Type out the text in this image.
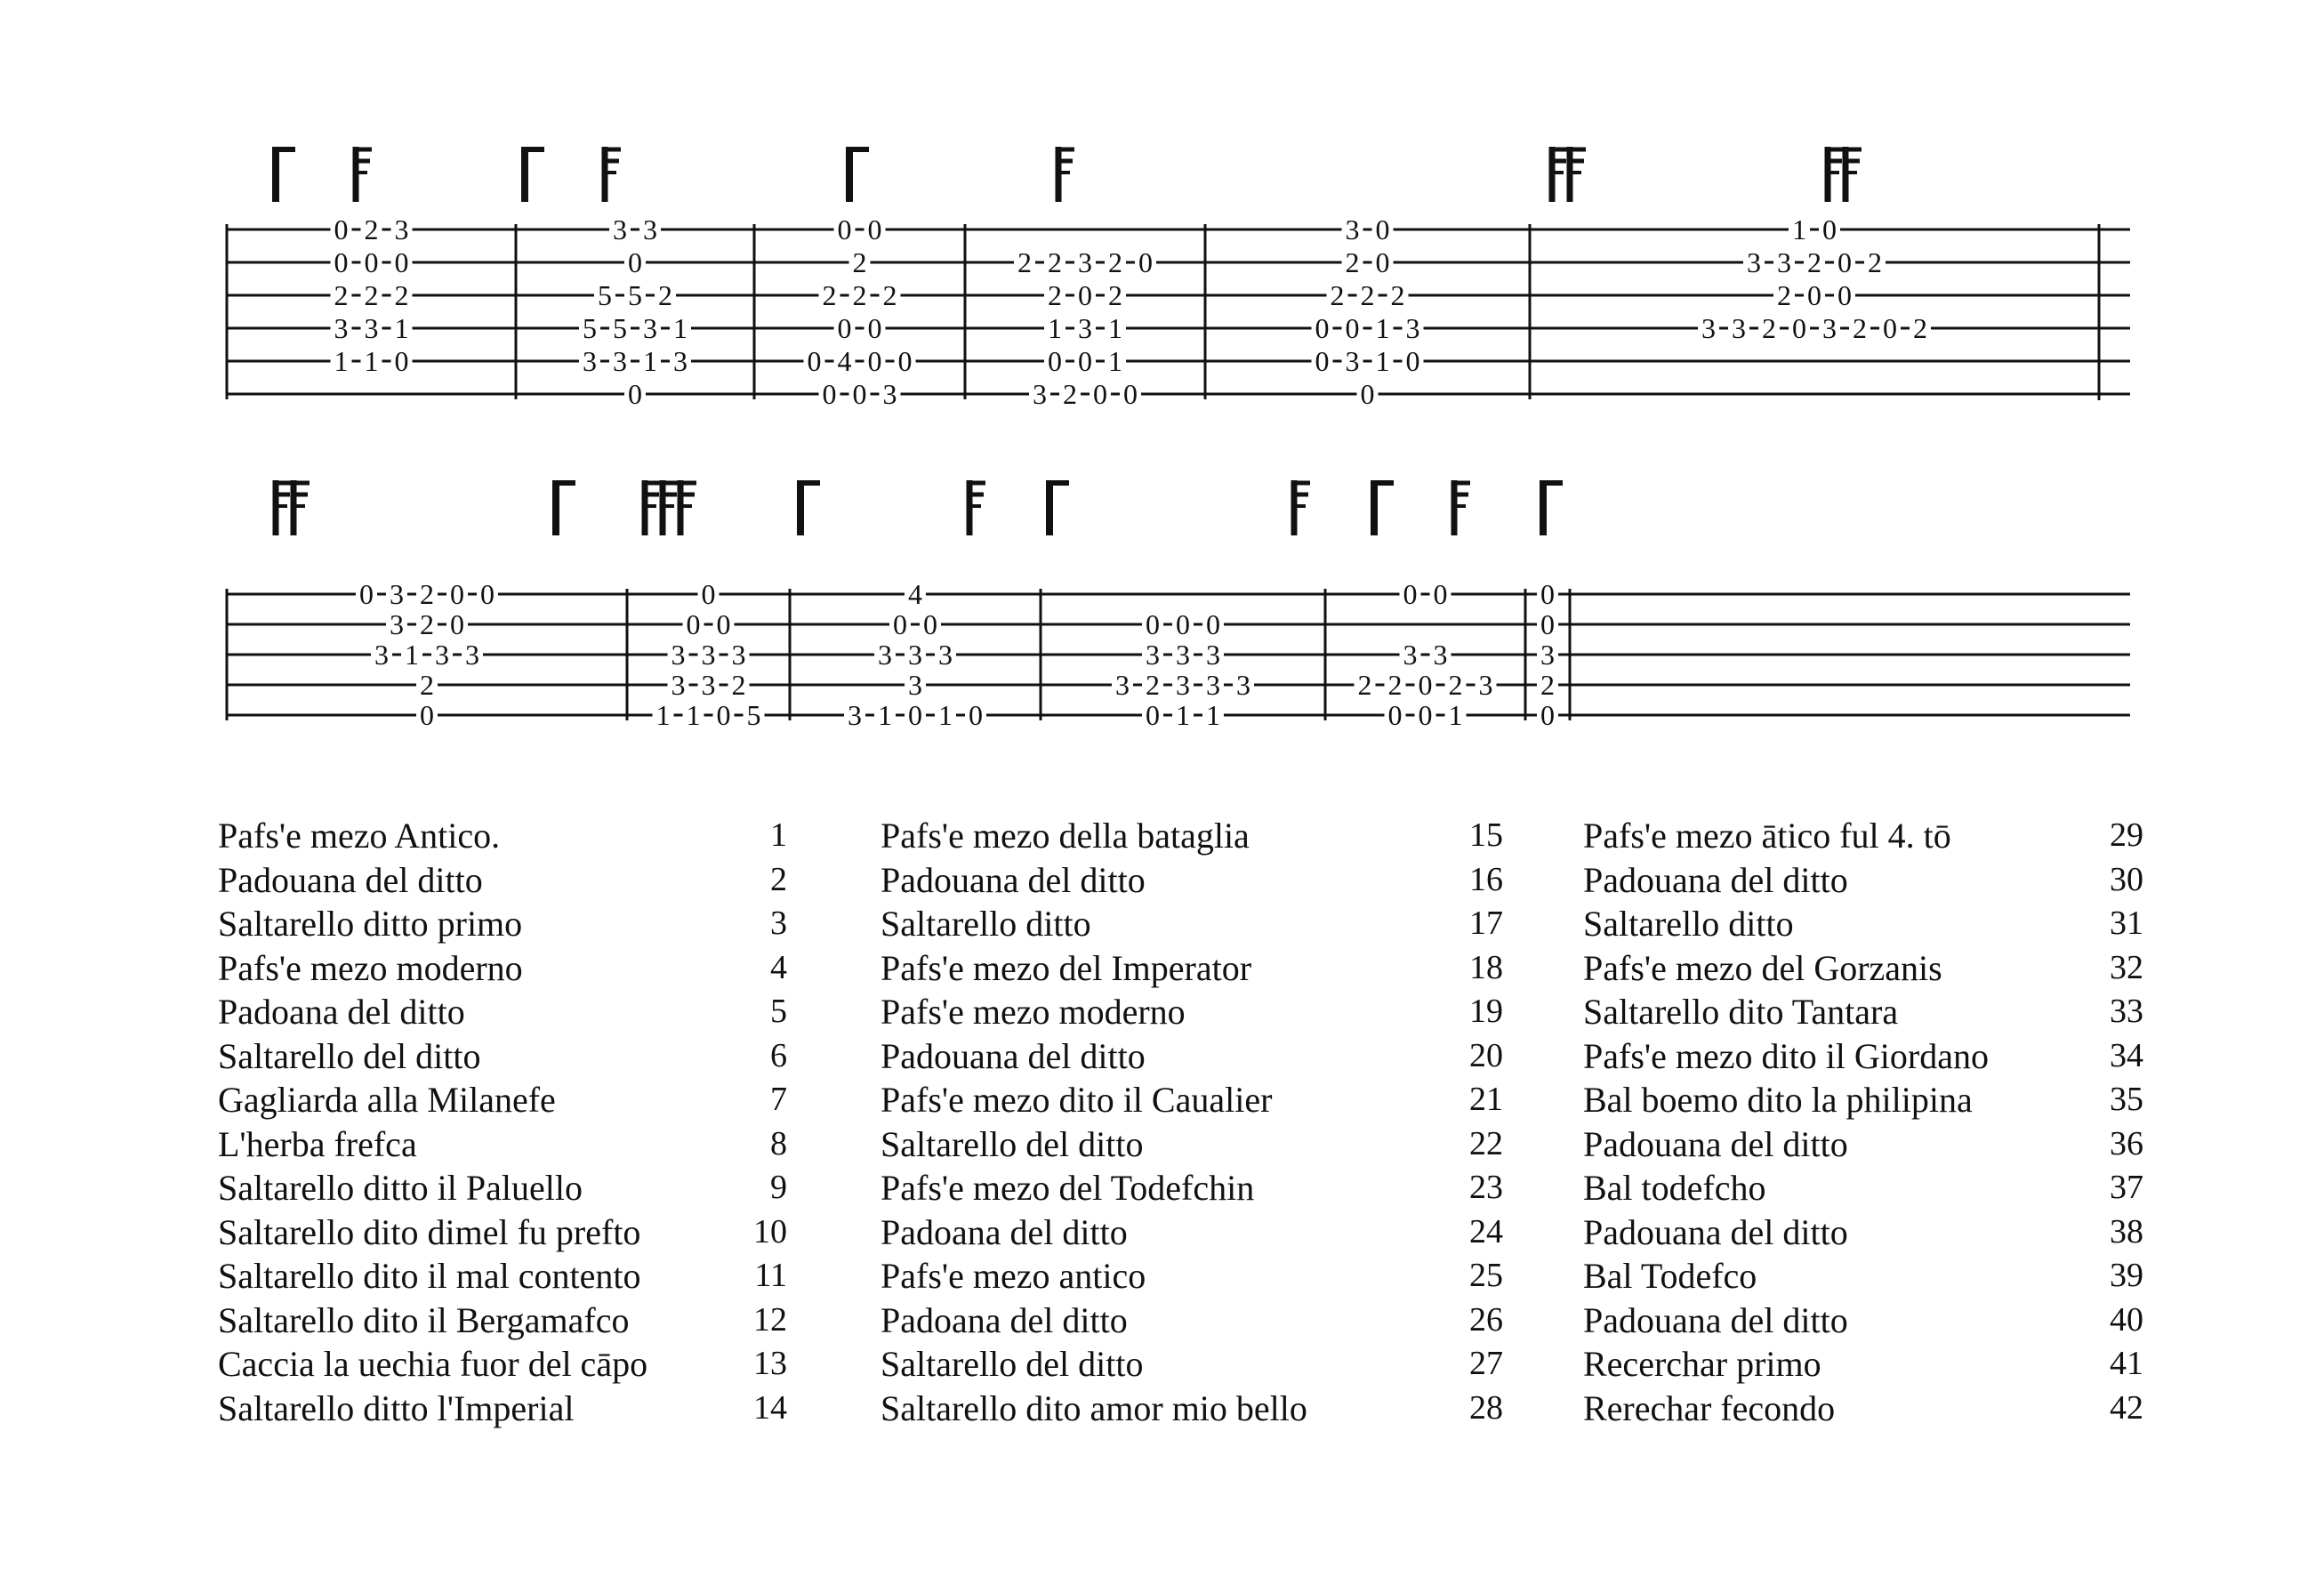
0 2 3	3 3	0 0	3 0	1 0
0 0 0	0	2	2 2 3 2 0	2 0	3 3 2 0 2
2 2 2	5 5 2	2 2 2	2 0 2	2 2 2	2 0 0
3 3 1	5 5 3 1	0 0	1 3 1	0 0 1 3	3 3 2 0 3 2 0 2
1 1 0	3 3 1 3	0 4 0 0	0 0 1	0 3 1 0
0	0 0 3	3 2 0 0	0
0 3 2 0 0	0	4	0 0	0
3 2 0	0 0	0 0	0 0 0	0
3 1 3 3	3 3 3	3 3 3	3 3 3	3 3	3
2	3 3 2	3	3 2 3 3 3	2 2 0 2 3 2
0	1 1 0 5	3 1 0 1 0	0 1 1	0 0 1	0
Pafs'e mezo Antico.	1
Padouana del ditto	2
Saltarello ditto primo	3
Pafs'e mezo moderno	4
Padoana del ditto	5
Saltarello del ditto	6
Gagliarda alla Milanefe	7
L'herba frefca	8
Saltarello ditto il Paluello	9
Saltarello dito dimel fu prefto	10
Saltarello dito il mal contento	11
Saltarello dito il Bergamafco	12
Caccia la uechia fuor del cāpo	13
Saltarello ditto l'Imperial	14
Pafs'e mezo della bataglia	15
Padouana del ditto	16
Saltarello ditto	17
Pafs'e mezo del Imperator	18
Pafs'e mezo moderno	19
Padouana del ditto	20
Pafs'e mezo dito il Caualier	21
Saltarello del ditto	22
Pafs'e mezo del Todefchin	23
Padoana del ditto	24
Pafs'e mezo antico	25
Padoana del ditto	26
Saltarello del ditto	27
Saltarello dito amor mio bello	28
Pafs'e mezo ātico ful 4. tō	29
Padouana del ditto	30
Saltarello ditto	31
Pafs'e mezo del Gorzanis	32
Saltarello dito Tantara	33
Pafs'e mezo dito il Giordano	34
Bal boemo dito la philipina	35
Padouana del ditto	36
Bal todefcho	37
Padouana del ditto	38
Bal Todefco	39
Padouana del ditto	40
Recerchar primo	41
Rerechar fecondo	42
